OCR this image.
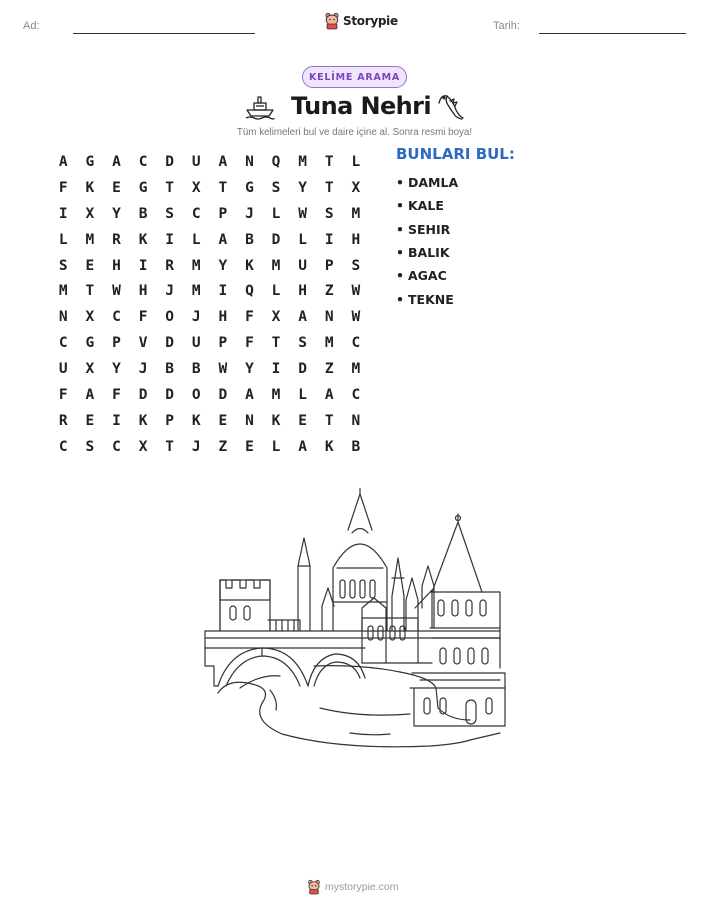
Ad:	Storypie	Tarih:
KELİME ARAMA
Tuna Nehri
Tüm kelimeleri bul ve daire içine al. Sonra resmi boya!
A	G	A	C	D	U	A	N	Q	M	T	L
F	K	E	G	T	X	T	G	S	Y	T	X
I	X	Y	B	S	C	P	J	L	W	S	M
L	M	R	K	I	L	A	B	D	L	I	H
S	E	H	I	R	M	Y	K	M	U	P	S
M	T	W	H	J	M	I	Q	L	H	Z	W
N	X	C	F	O	J	H	F	X	A	N	W
C	G	P	V	D	U	P	F	T	S	M	C
U	X	Y	J	B	B	W	Y	I	D	Z	M
F	A	F	D	D	O	D	A	M	L	A	C
R	E	I	K	P	K	E	N	K	E	T	N
C	S	C	X	T	J	Z	E	L	A	K	B
BUNLARI BUL:
• DAMLA
• KALE
• SEHIR
• BALIK
• AGAC
• TEKNE
mystorypie.com
